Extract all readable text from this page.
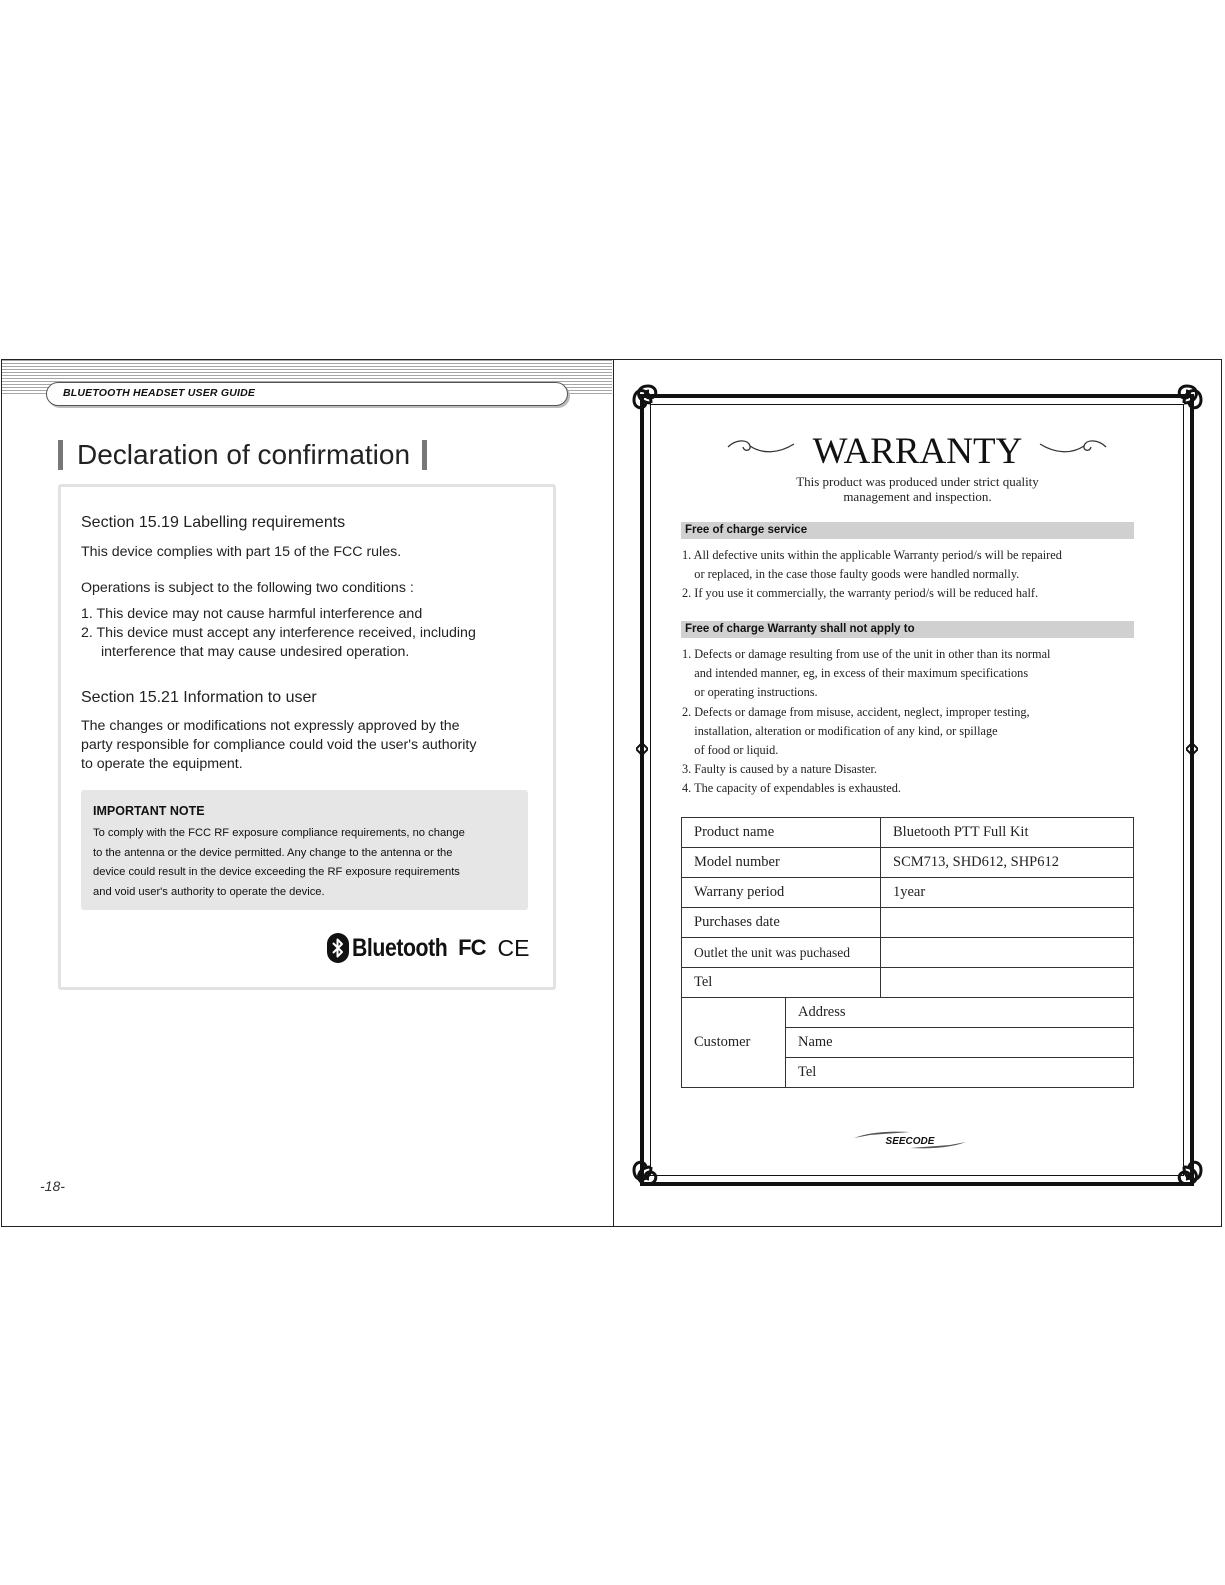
BLUETOOTH HEADSET USER GUIDE
Declaration of confirmation
Section 15.19 Labelling requirements
This device complies with part 15 of the FCC rules.
Operations is subject to the following two conditions :
1. This device may not cause harmful interference and
2. This device must accept any interference received, including
interference that may cause undesired operation.
Section 15.21 Information to user
The changes or modifications not expressly approved by the
party responsible for compliance could void the user's authority
to operate the equipment.
IMPORTANT NOTE
To comply with the FCC RF exposure compliance requirements, no change
to the antenna or the device permitted. Any change to the antenna or the
device could result in the device exceeding the RF exposure requirements
and void user's authority to operate the device.
Bluetooth FC CE
-18-
WARRANTY
This product was produced under strict quality
management and inspection.
Free of charge service
1. All defective units within the applicable Warranty period/s will be repaired
or replaced, in the case those faulty goods were handled normally.
2. If you use it commercially, the warranty period/s will be reduced half.
Free of charge Warranty shall not apply to
1. Defects or damage resulting from use of the unit in other than its normal
and intended manner, eg, in excess of their maximum specifications
or operating instructions.
2. Defects or damage from misuse, accident, neglect, improper testing,
installation, alteration or modification of any kind, or spillage
of food or liquid.
3. Faulty is caused by a nature Disaster.
4. The capacity of expendables is exhausted.
Product name		Bluetooth PTT Full Kit
Model number		SCM713, SHD612, SHP612
Warrany period		1year
Purchases date		
Outlet the unit was puchased		
Tel		
Customer	Address	
	Name	
	Tel	
SEECODE
